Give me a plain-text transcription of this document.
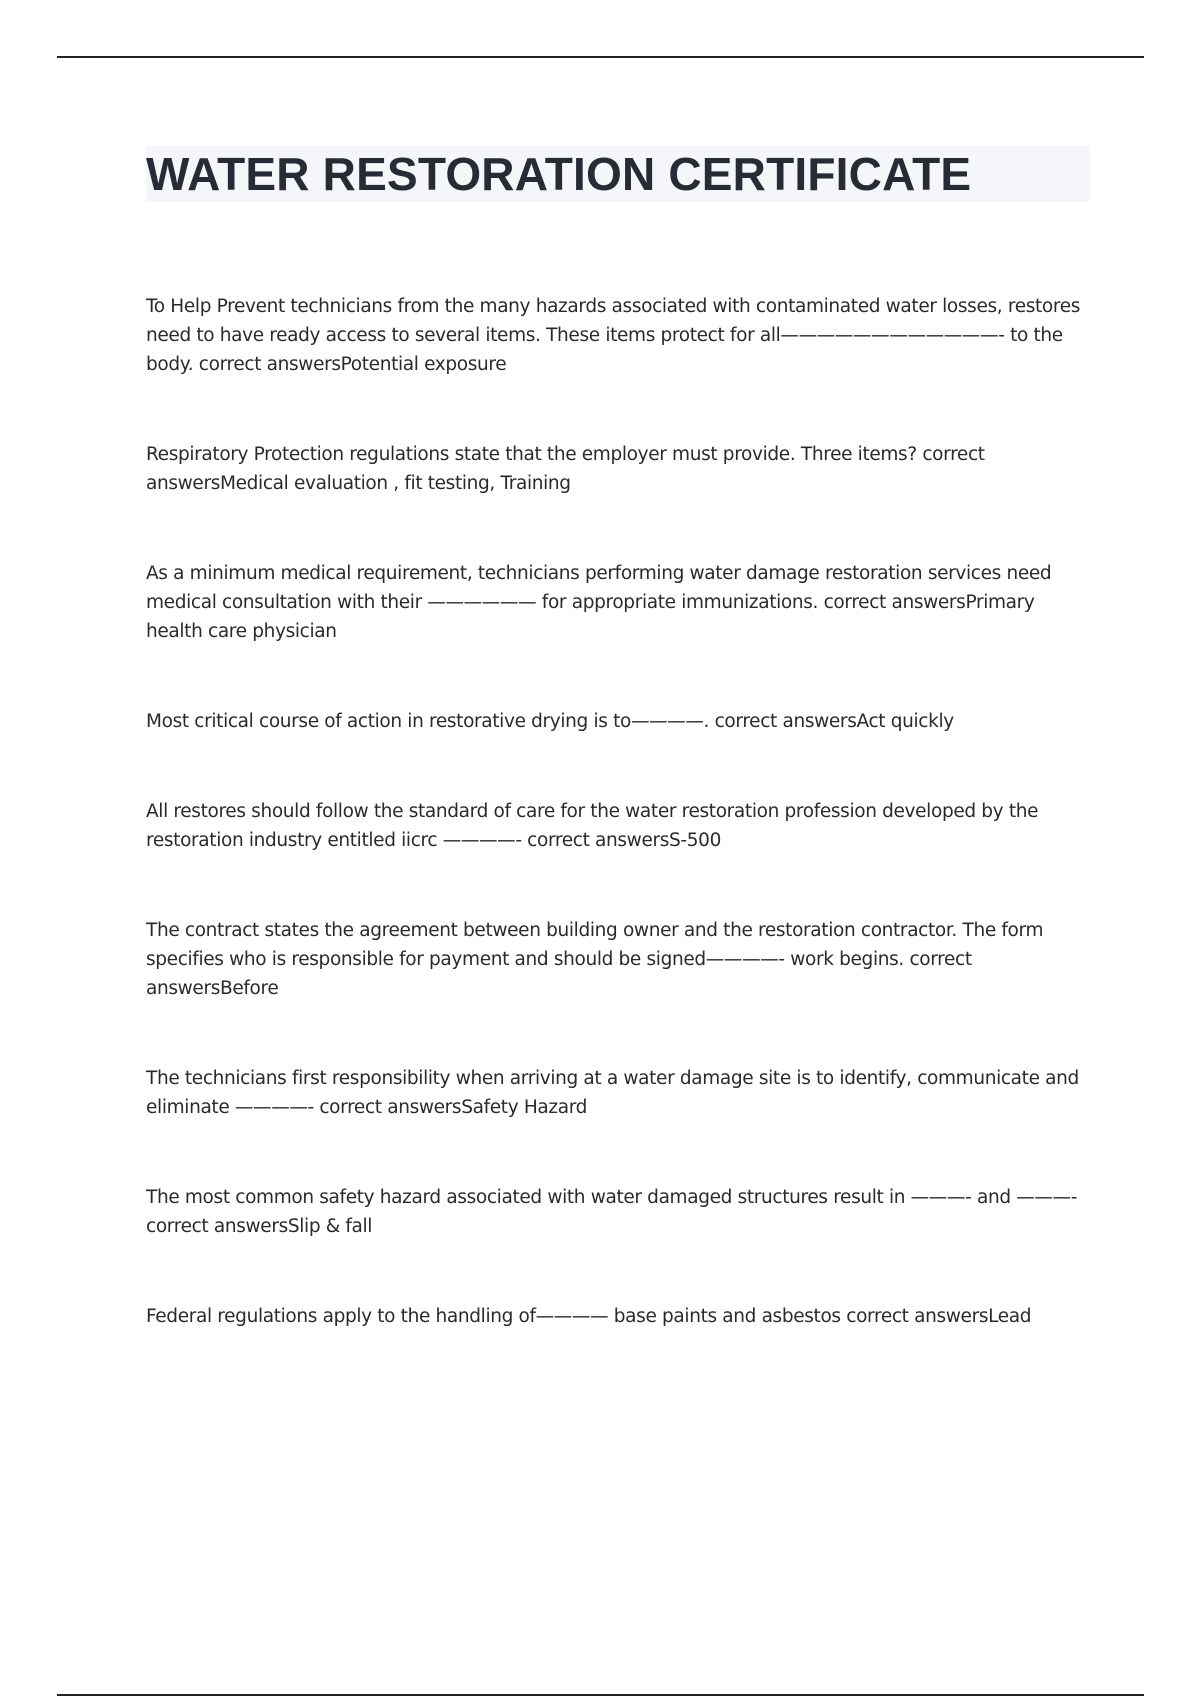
WATER RESTORATION CERTIFICATE

To Help Prevent technicians from the many hazards associated with contaminated water losses, restores need to have ready access to several items. These items protect for all————————————- to the body. correct answersPotential exposure

Respiratory Protection regulations state that the employer must provide. Three items? correct answersMedical evaluation , fit testing, Training

As a minimum medical requirement, technicians performing water damage restoration services need medical consultation with their —————— for appropriate immunizations. correct answersPrimary health care physician

Most critical course of action in restorative drying is to————. correct answersAct quickly

All restores should follow the standard of care for the water restoration profession developed by the restoration industry entitled iicrc ————- correct answersS-500

The contract states the agreement between building owner and the restoration contractor. The form specifies who is responsible for payment and should be signed————- work begins. correct answersBefore

The technicians first responsibility when arriving at a water damage site is to identify, communicate and eliminate ————- correct answersSafety Hazard

The most common safety hazard associated with water damaged structures result in ———- and ———- correct answersSlip & fall

Federal regulations apply to the handling of———— base paints and asbestos correct answersLead
